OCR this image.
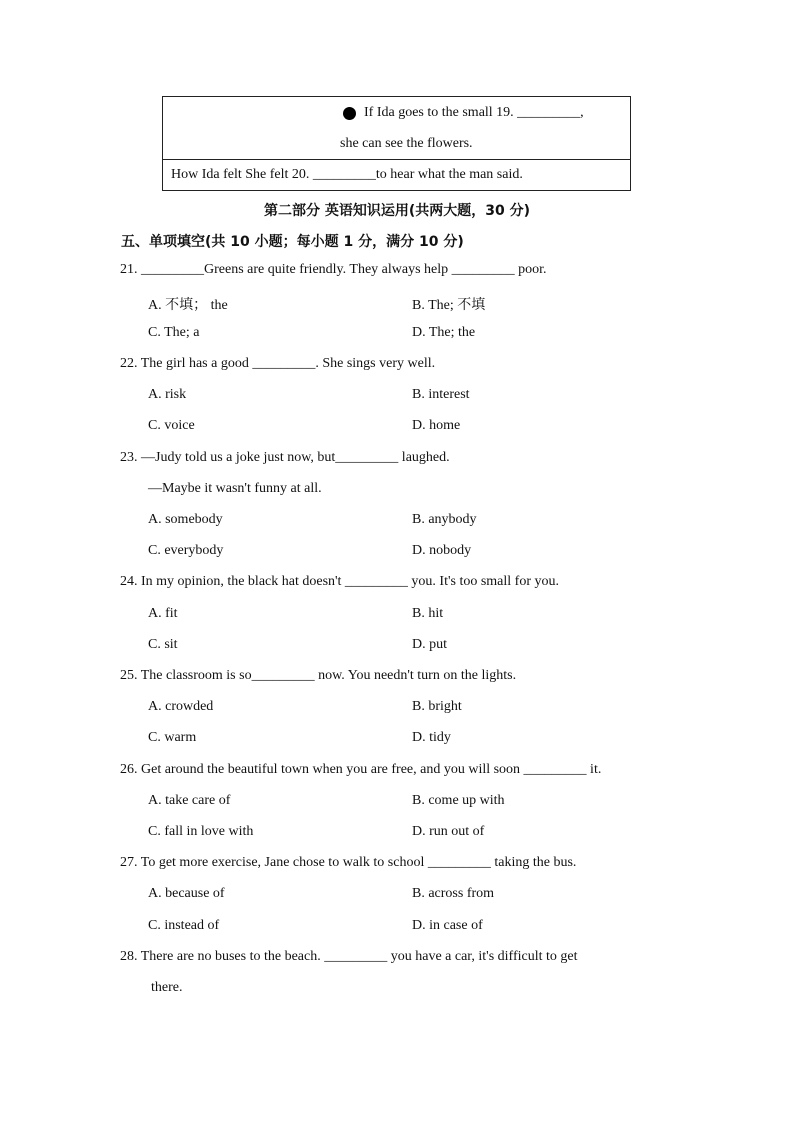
If Ida goes to the small 19. _________,
she can see the flowers.
How Ida felt She felt 20. _________to hear what the man said.
第二部分 英语知识运用(共两大题，30 分)
五、单项填空(共 10 小题；每小题 1 分，满分 10 分)
21. _________Greens are quite friendly. They always help _________ poor.
A. 不填； the	B. The; 不填
C. The; a	D. The; the
22. The girl has a good _________. She sings very well.
A. risk	B. interest
C. voice	D. home
23. —Judy told us a joke just now, but_________ laughed.
—Maybe it wasn't funny at all.
A. somebody	B. anybody
C. everybody	D. nobody
24. In my opinion, the black hat doesn't _________ you. It's too small for you.
A. fit	B. hit
C. sit	D. put
25. The classroom is so_________ now. You needn't turn on the lights.
A. crowded	B. bright
C. warm	D. tidy
26. Get around the beautiful town when you are free, and you will soon _________ it.
A. take care of	B. come up with
C. fall in love with	D. run out of
27. To get more exercise, Jane chose to walk to school _________ taking the bus.
A. because of	B. across from
C. instead of	D. in case of
28. There are no buses to the beach. _________ you have a car, it's difficult to get
there.
